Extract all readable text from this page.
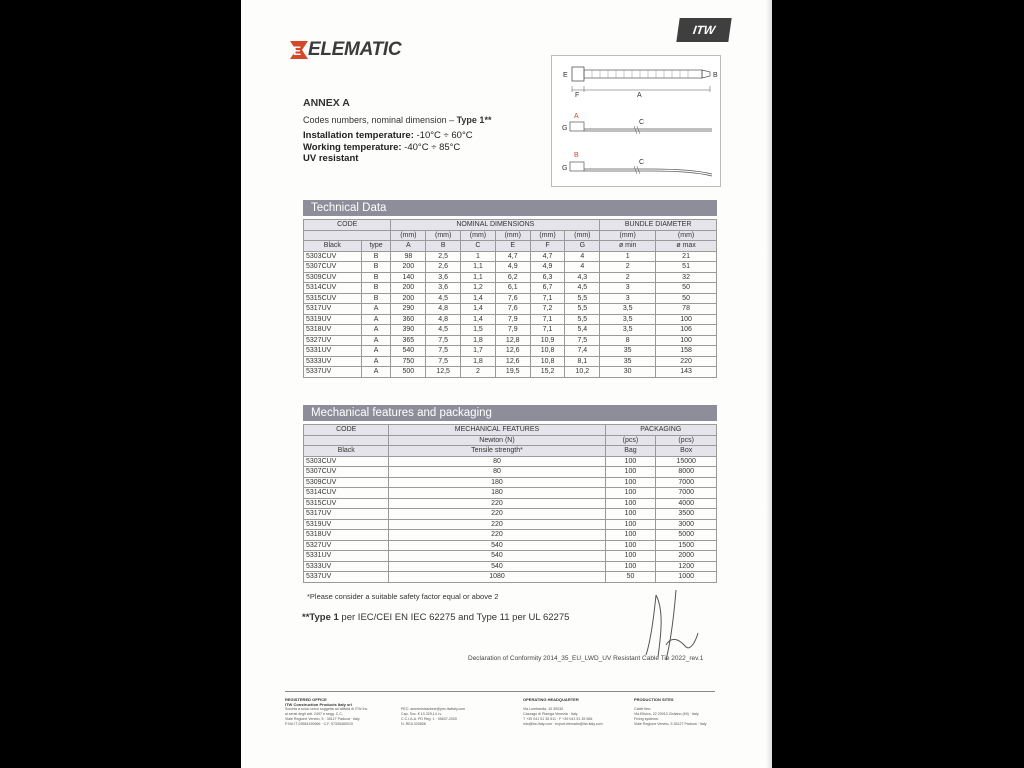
E ELEMATIC
ITW
ANNEX A
Codes numbers, nominal dimension – Type 1**
Installation temperature: -10°C ÷ 60°C
Working temperature: -40°C ÷ 85°C
UV resistant
E	B
F	A
A
G
C
B
G
C
Technical Data
CODE		NOMINAL DIMENSIONS						BUNDLE DIAMETER	
		(mm)	(mm)	(mm)	(mm)	(mm)	(mm)	(mm)	(mm)
Black	type	A	B	C	E	F	G	ø min	ø max
5303CUV	B	98	2,5	1	4,7	4,7	4	1	21
5307CUV	B	200	2,6	1,1	4,9	4,9	4	2	51
5309CUV	B	140	3,6	1,1	6,2	6,3	4,3	2	32
5314CUV	B	200	3,6	1,2	6,1	6,7	4,5	3	50
5315CUV	B	200	4,5	1,4	7,6	7,1	5,5	3	50
5317UV	A	290	4,8	1,4	7,6	7,2	5,5	3,5	78
5319UV	A	360	4,8	1,4	7,9	7,1	5,5	3,5	100
5318UV	A	390	4,5	1,5	7,9	7,1	5,4	3,5	106
5327UV	A	365	7,5	1,8	12,8	10,9	7,5	8	100
5331UV	A	540	7,5	1,7	12,6	10,8	7,4	35	158
5333UV	A	750	7,5	1,8	12,6	10,8	8,1	35	220
5337UV	A	500	12,5	2	19,5	15,2	10,2	30	143
Mechanical features and packaging
CODE	MECHANICAL FEATURES	PACKAGING	
	Newton (N)	(pcs)	(pcs)
Black	Tensile strength*	Bag	Box
5303CUV	80	100	15000
5307CUV	80	100	8000
5309CUV	180	100	7000
5314CUV	180	100	7000
5315CUV	220	100	4000
5317UV	220	100	3500
5319UV	220	100	3000
5318UV	220	100	5000
5327UV	540	100	1500
5331UV	540	100	2000
5333UV	540	100	1200
5337UV	1080	50	1000
*Please consider a suitable safety factor equal or above 2
**Type 1 per IEC/CEI EN IEC 62275 and Type 11 per UL 62275
Declaration of Conformity 2014_35_EU_LWD_UV Resistant Cable Tie 2022_rev.1
REGISTERED OFFICE
ITW Construction Products Italy srl
Società a socio unico soggetta ad attività di ITW Inc.
ai sensi degli artt. 2497 e segg. C.C.
Viale Regione Veneto, 5 · 35127 Padova · Italy
P.IVA IT 03584190966 · C.F. 07335480019
PEC: amministrazione@pec.itwitaly.com
Cap. Soc. € 10.329,14 i.v.
C.C.I.A.A. PD Reg. 1 · 05637-2000
N. REA 320808
OPERATING HEADQUARTER
Via Lombardia, 10 30030
Cazzago di Pianiga Venezia · Italy
T +39 041 51 35 511 · F +39 041 51 35 566
info@itw-italy.com · export.elematic@itw-italy.com
PRODUCTION SITES
Cable ties:
Via Ellsion, 22 20010 Cisliano (MI) · Italy
Fixing systems:
Viale Regione Veneto, 5 35127 Padova · Italy
